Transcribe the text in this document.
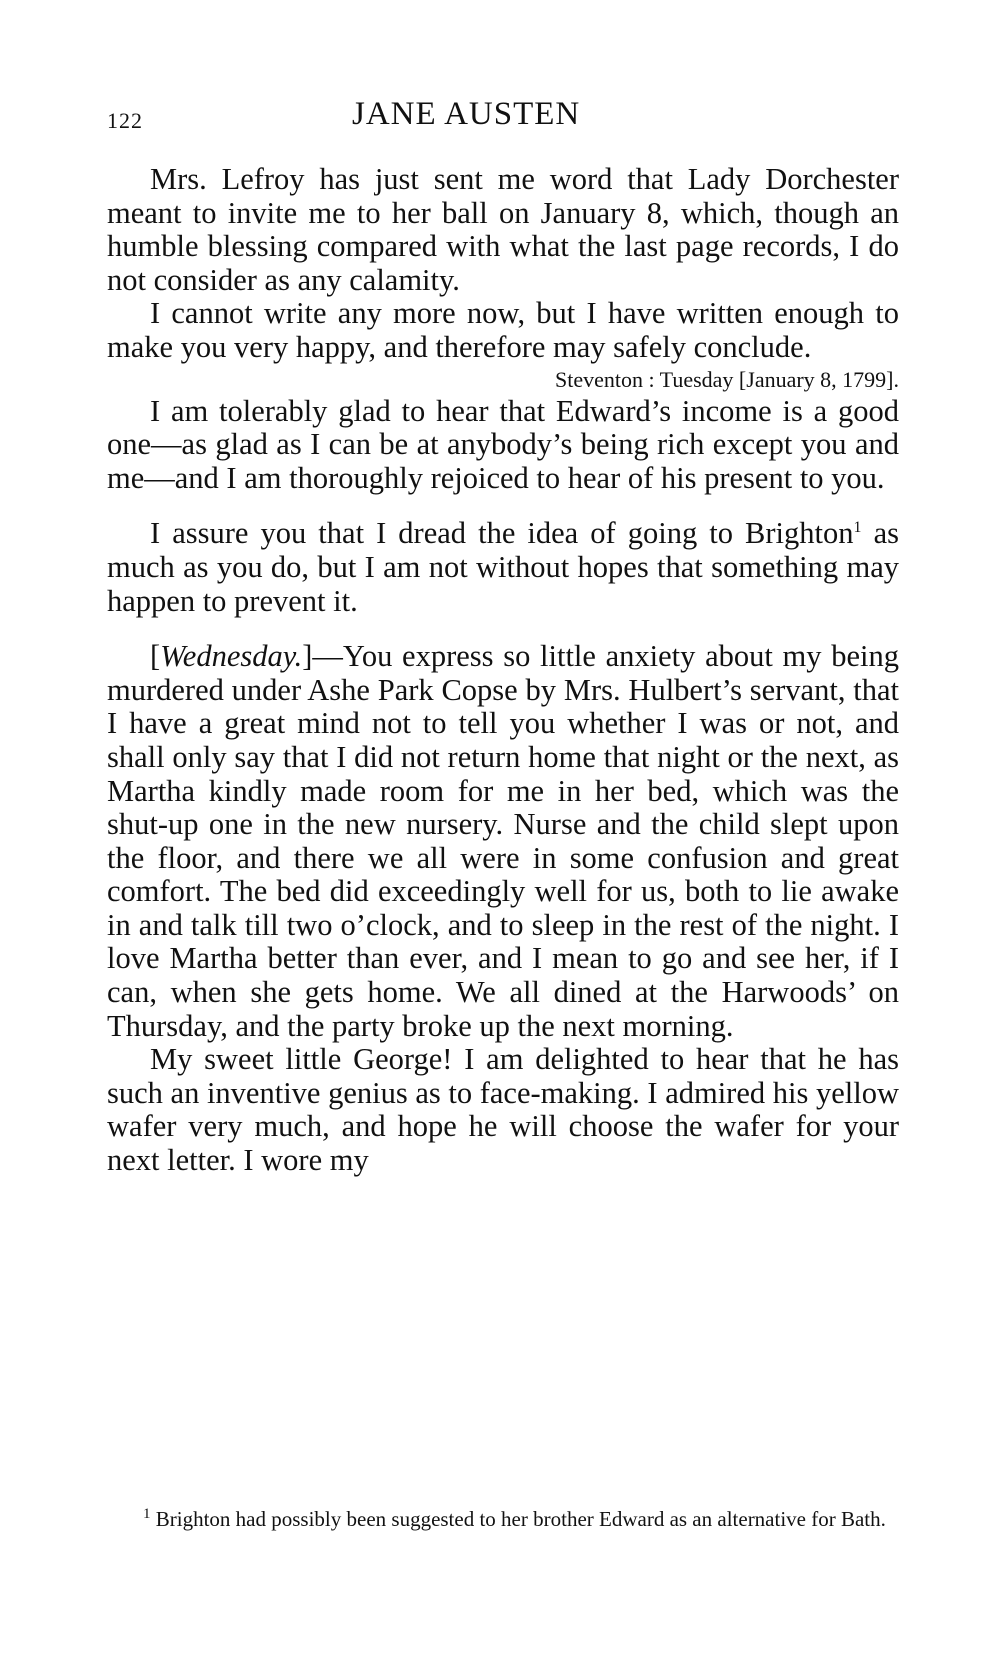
122	JANE AUSTEN

Mrs. Lefroy has just sent me word that Lady Dorchester meant to invite me to her ball on January 8, which, though an humble blessing compared with what the last page records, I do not consider as any calamity.

I cannot write any more now, but I have written enough to make you very happy, and therefore may safely conclude.

Steventon : Tuesday [January 8, 1799].

I am tolerably glad to hear that Edward’s income is a good one—as glad as I can be at anybody’s being rich except you and me—and I am thoroughly rejoiced to hear of his present to you.

I assure you that I dread the idea of going to Brighton$^1$ as much as you do, but I am not without hopes that something may happen to prevent it.

[Wednesday.]—You express so little anxiety about my being murdered under Ashe Park Copse by Mrs. Hulbert’s servant, that I have a great mind not to tell you whether I was or not, and shall only say that I did not return home that night or the next, as Martha kindly made room for me in her bed, which was the shut-up one in the new nursery. Nurse and the child slept upon the floor, and there we all were in some confusion and great comfort. The bed did exceedingly well for us, both to lie awake in and talk till two o’clock, and to sleep in the rest of the night. I love Martha better than ever, and I mean to go and see her, if I can, when she gets home. We all dined at the Harwoods’ on Thursday, and the party broke up the next morning.

My sweet little George! I am delighted to hear that he has such an inventive genius as to face-making. I admired his yellow wafer very much, and hope he will choose the wafer for your next letter. I wore my

$^1$ Brighton had possibly been suggested to her brother Edward as an alternative for Bath.
